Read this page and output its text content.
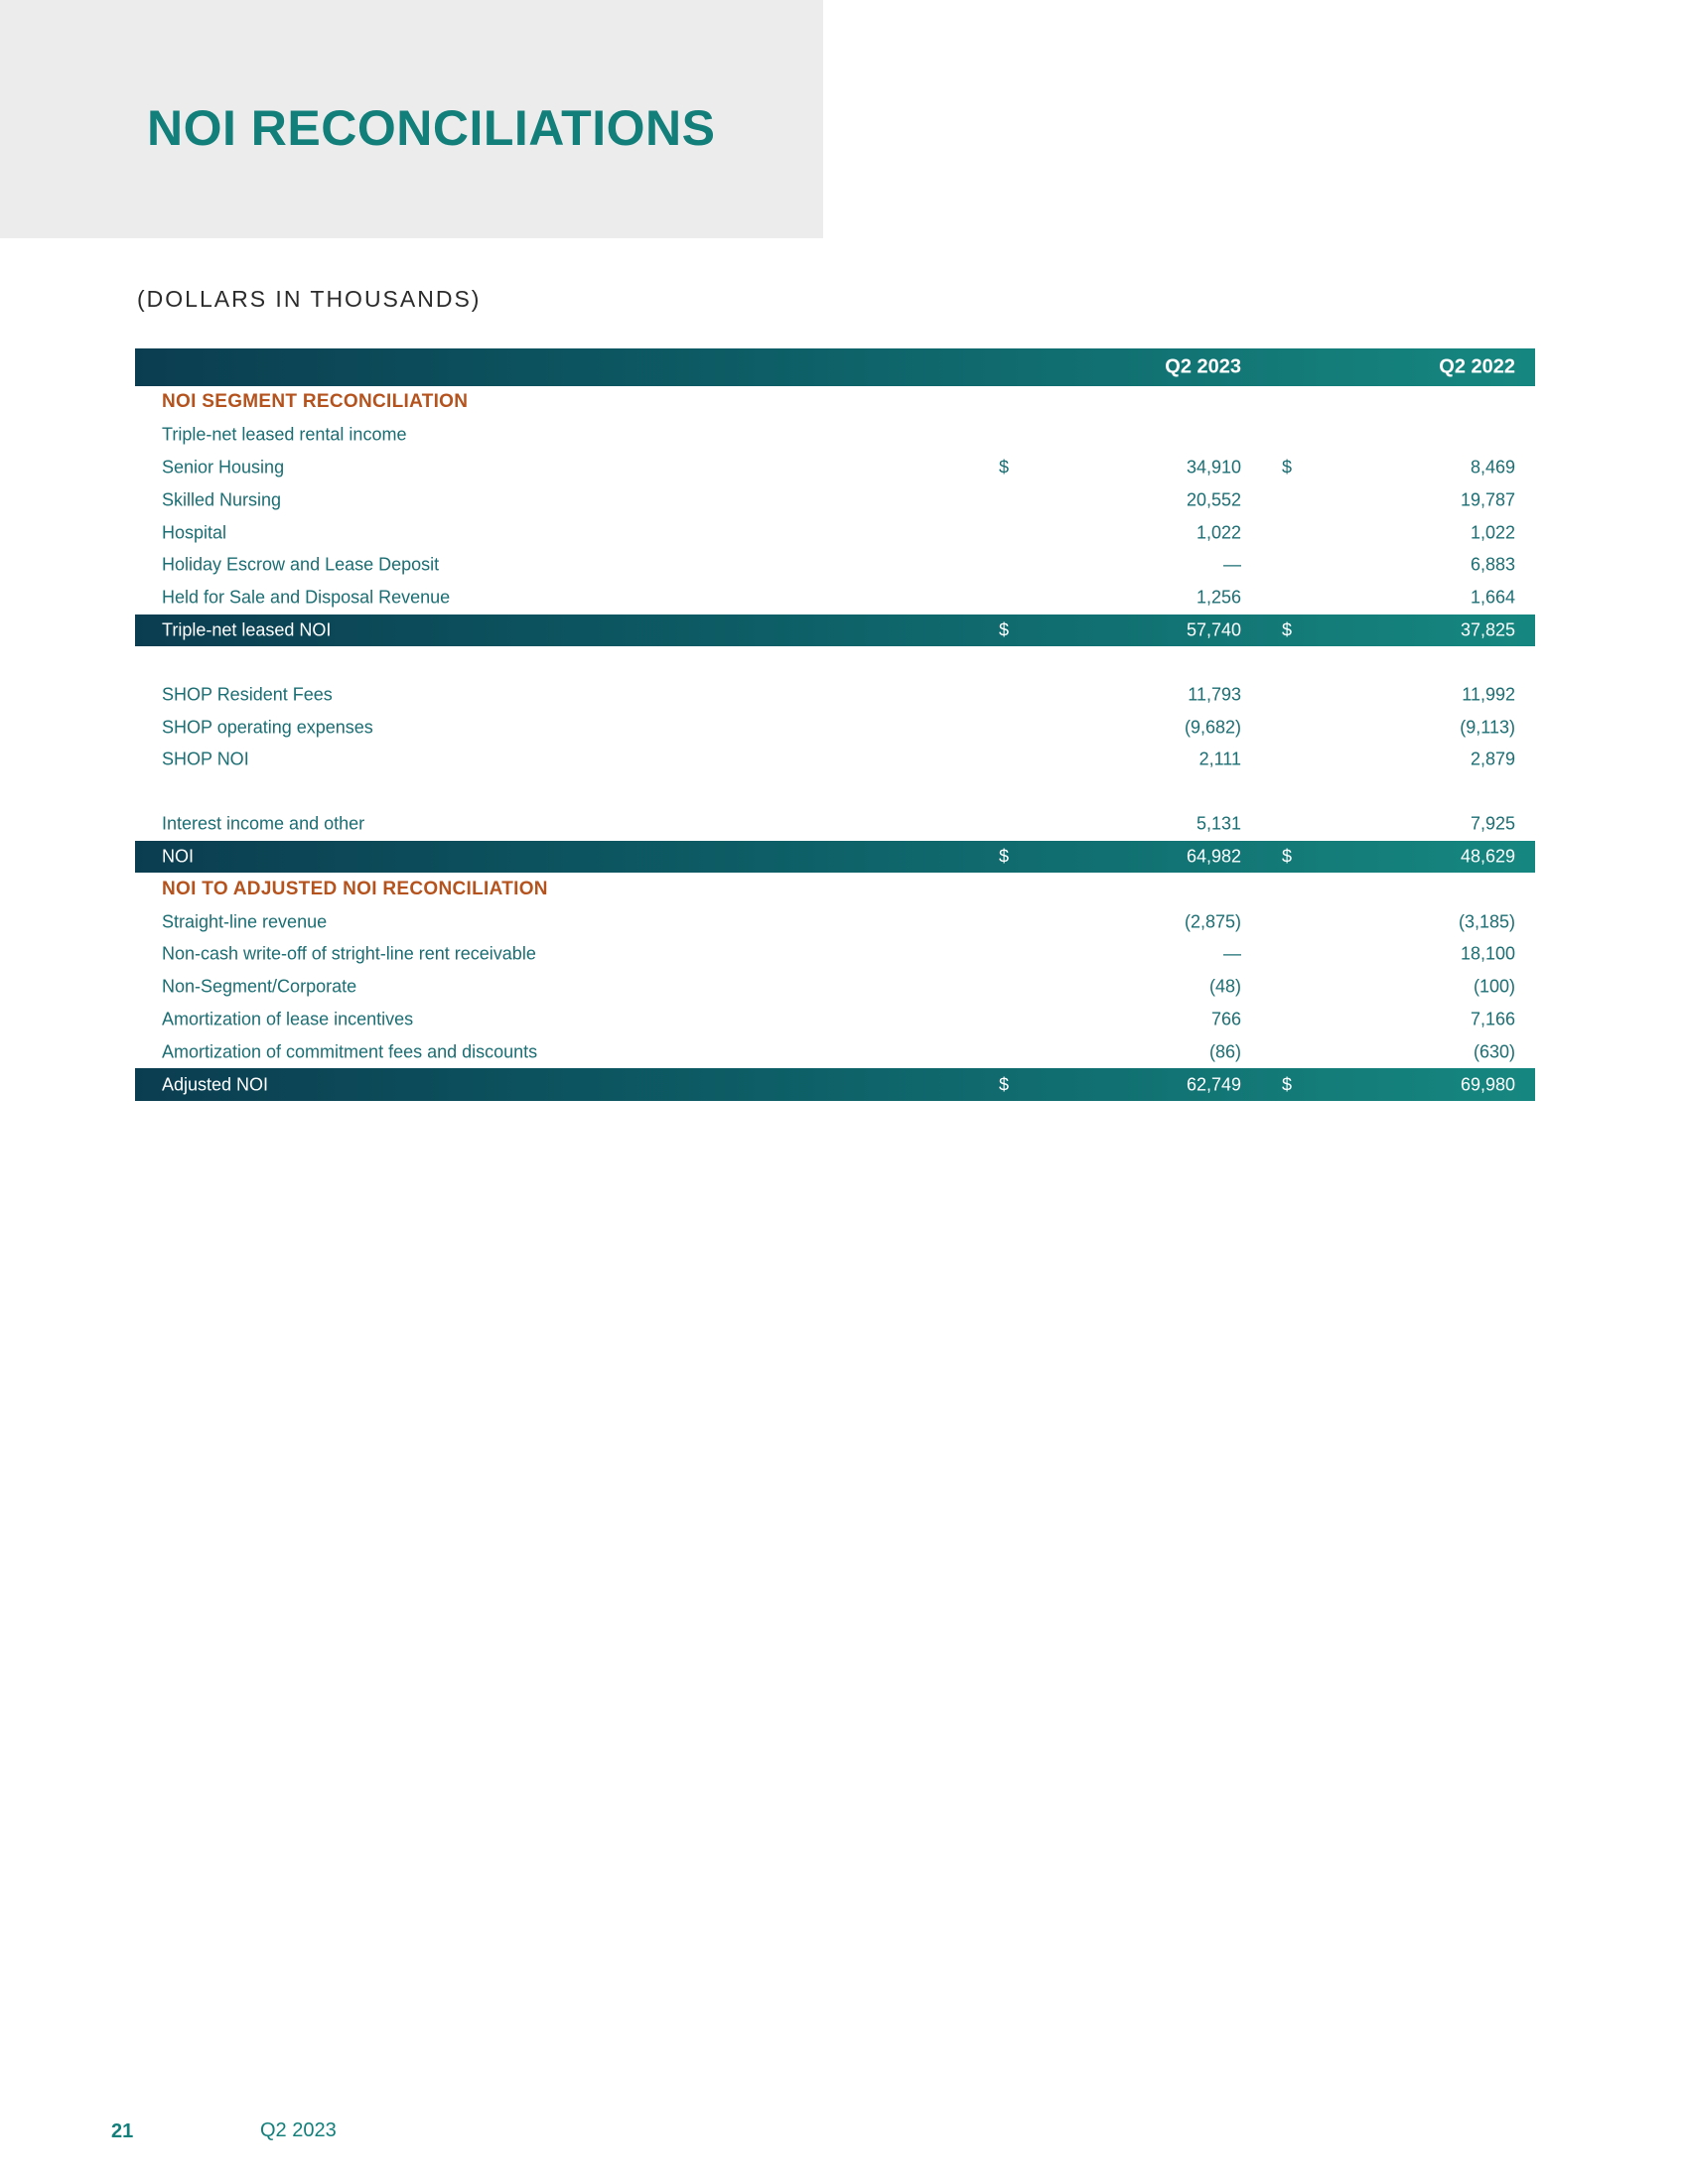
NOI RECONCILIATIONS
(DOLLARS IN THOUSANDS)
Q2 2023	Q2 2022
NOI SEGMENT RECONCILIATION
Triple-net leased rental income
Senior Housing	$	34,910 $	8,469
Skilled Nursing	20,552	19,787
Hospital	1,022	1,022
Holiday Escrow and Lease Deposit	—	6,883
Held for Sale and Disposal Revenue	1,256	1,664
Triple-net leased NOI	$	57,740 $	37,825
SHOP Resident Fees	11,793	11,992
SHOP operating expenses	(9,682)	(9,113)
SHOP NOI	2,111	2,879
Interest income and other	5,131	7,925
NOI	$	64,982 $	48,629
NOI TO ADJUSTED NOI RECONCILIATION
Straight-line revenue	(2,875)	(3,185)
Non-cash write-off of stright-line rent receivable	—	18,100
Non-Segment/Corporate	(48)	(100)
Amortization of lease incentives	766	7,166
Amortization of commitment fees and discounts	(86)	(630)
Adjusted NOI	$	62,749 $	69,980
21	Q2 2023
